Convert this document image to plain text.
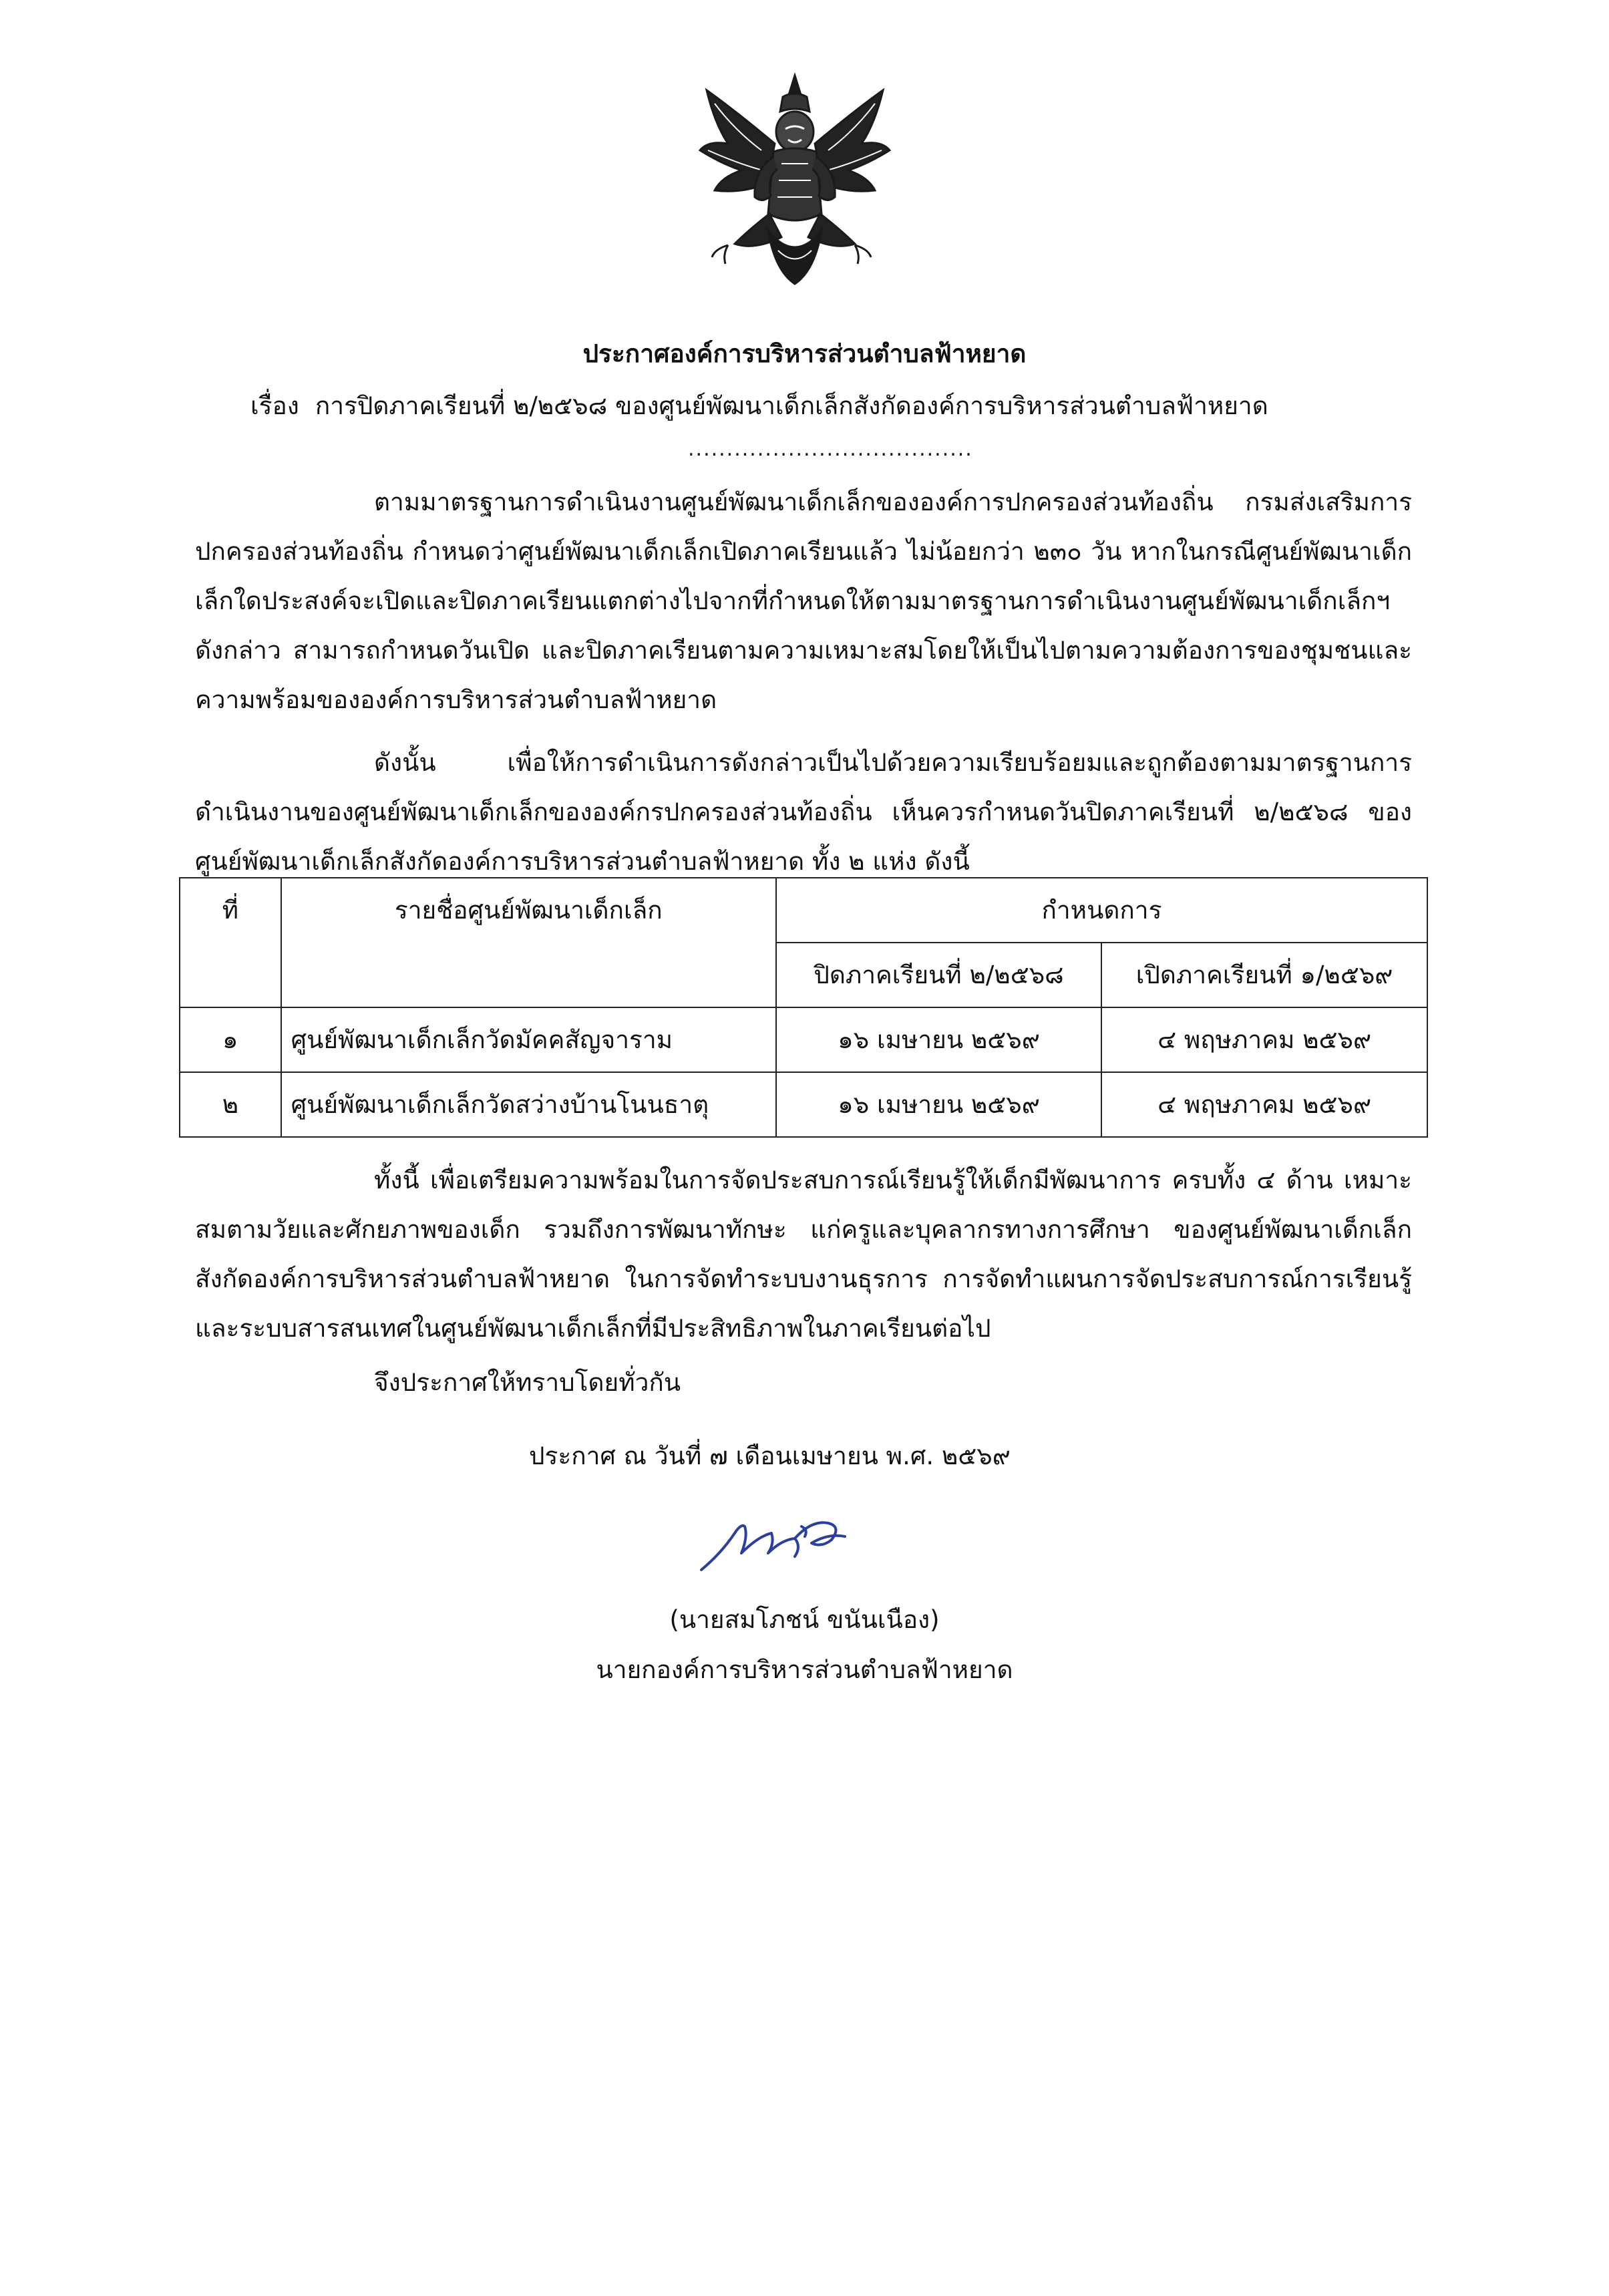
ประกาศองค์การบริหารส่วนตำบลฟ้าหยาด
เรื่อง การปิดภาคเรียนที่ ๒/๒๕๖๘ ของศูนย์พัฒนาเด็กเล็กสังกัดองค์การบริหารส่วนตำบลฟ้าหยาด
.....................................

ตามมาตรฐานการดำเนินงานศูนย์พัฒนาเด็กเล็กขององค์การปกครองส่วนท้องถิ่น กรมส่งเสริมการปกครองส่วนท้องถิ่น กำหนดว่าศูนย์พัฒนาเด็กเล็กเปิดภาคเรียนแล้ว ไม่น้อยกว่า ๒๓๐ วัน หากในกรณีศูนย์พัฒนาเด็กเล็กใดประสงค์จะเปิดและปิดภาคเรียนแตกต่างไปจากที่กำหนดให้ตามมาตรฐานการดำเนินงานศูนย์พัฒนาเด็กเล็กฯ ดังกล่าว สามารถกำหนดวันเปิด และปิดภาคเรียนตามความเหมาะสมโดยให้เป็นไปตามความต้องการของชุมชนและความพร้อมขององค์การบริหารส่วนตำบลฟ้าหยาด

ดังนั้น เพื่อให้การดำเนินการดังกล่าวเป็นไปด้วยความเรียบร้อยมและถูกต้องตามมาตรฐานการดำเนินงานของศูนย์พัฒนาเด็กเล็กขององค์กรปกครองส่วนท้องถิ่น เห็นควรกำหนดวันปิดภาคเรียนที่ ๒/๒๕๖๘ ของศูนย์พัฒนาเด็กเล็กสังกัดองค์การบริหารส่วนตำบลฟ้าหยาด ทั้ง ๒ แห่ง ดังนี้

ที่	รายชื่อศูนย์พัฒนาเด็กเล็ก	กำหนดการ	
		ปิดภาคเรียนที่ ๒/๒๕๖๘	เปิดภาคเรียนที่ ๑/๒๕๖๙
๑	ศูนย์พัฒนาเด็กเล็กวัดมัคคสัญจาราม	๑๖ เมษายน ๒๕๖๙	๔ พฤษภาคม ๒๕๖๙
๒	ศูนย์พัฒนาเด็กเล็กวัดสว่างบ้านโนนธาตุ	๑๖ เมษายน ๒๕๖๙	๔ พฤษภาคม ๒๕๖๙

ทั้งนี้ เพื่อเตรียมความพร้อมในการจัดประสบการณ์เรียนรู้ให้เด็กมีพัฒนาการ ครบทั้ง ๔ ด้าน เหมาะสมตามวัยและศักยภาพของเด็ก รวมถึงการพัฒนาทักษะ แก่ครูและบุคลากรทางการศึกษา ของศูนย์พัฒนาเด็กเล็กสังกัดองค์การบริหารส่วนตำบลฟ้าหยาด ในการจัดทำระบบงานธุรการ การจัดทำแผนการจัดประสบการณ์การเรียนรู้ และระบบสารสนเทศในศูนย์พัฒนาเด็กเล็กที่มีประสิทธิภาพในภาคเรียนต่อไป

จึงประกาศให้ทราบโดยทั่วกัน
ประกาศ ณ วันที่ ๗ เดือนเมษายน พ.ศ. ๒๕๖๙
(นายสมโภชน์ ขนันเนือง)
นายกองค์การบริหารส่วนตำบลฟ้าหยาด
